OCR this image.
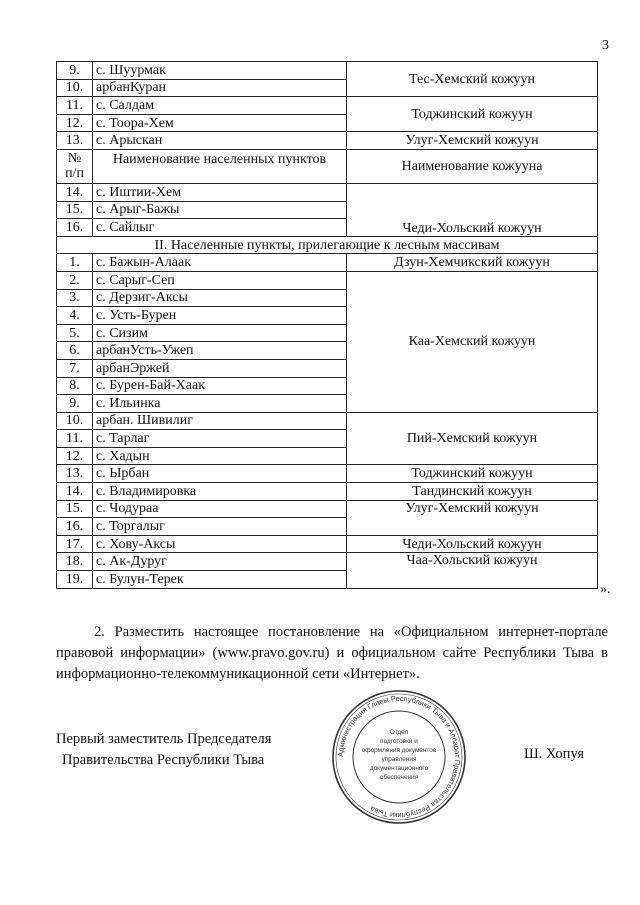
3
9.	с. Шуурмак	Тес-Хемский кожуун
10.	арбанКуран	
11.	с. Салдам	Тоджинский кожуун
12.	с. Тоора-Хем	
13.	с. Арыскан	Улуг-Хемский кожуун

№
п/п	Наименование населенных пунктов	Наименование кожууна
14.	с. Иштии-Хем	Чеди-Хольский кожуун
15.	с. Арыг-Бажы	
16.	с. Сайлыг	
II. Населенные пункты, прилегающие к лесным массивам		
1.	с. Бажын-Алаак	Дзун-Хемчикский кожуун
2.	с. Сарыг-Сеп	Каа-Хемский кожуун
3.	с. Дерзиг-Аксы	
4.	с. Усть-Бурен	
5.	с. Сизим	
6.	арбанУсть-Ужеп	
7.	арбанЭржей	
8.	с. Бурен-Бай-Хаак	
9.	с. Ильинка	
10.	арбан. Шивилиг	Пий-Хемский кожуун
11.	с. Тарлаг	
12.	с. Хадын	
13.	с. Ырбан	Тоджинский кожуун
14.	с. Владимировка	Тандинский кожуун
15.	с. Чодураа	Улуг-Хемский кожуун
16.	с. Торгалыг	
17.	с. Хову-Аксы	Чеди-Хольский кожуун
18.	с. Ак-Дуруг	Чаа-Хольский кожуун
19.	с. Булун-Терек	
».
2. Разместить настоящее постановление на «Официальном интернет-портале правовой информации» (www.pravo.gov.ru) и официальном сайте Республики Тыва в информационно-телекоммуникационной сети «Интернет».
Первый заместитель Председателя
Правительства Республики Тыва	Администрация Главы Республики Тыва и Аппарат Правительства Республики Тыва
Отдел
подготовки и
оформления документов
управления
документационного
обеспечения
Ш. Хопуя
